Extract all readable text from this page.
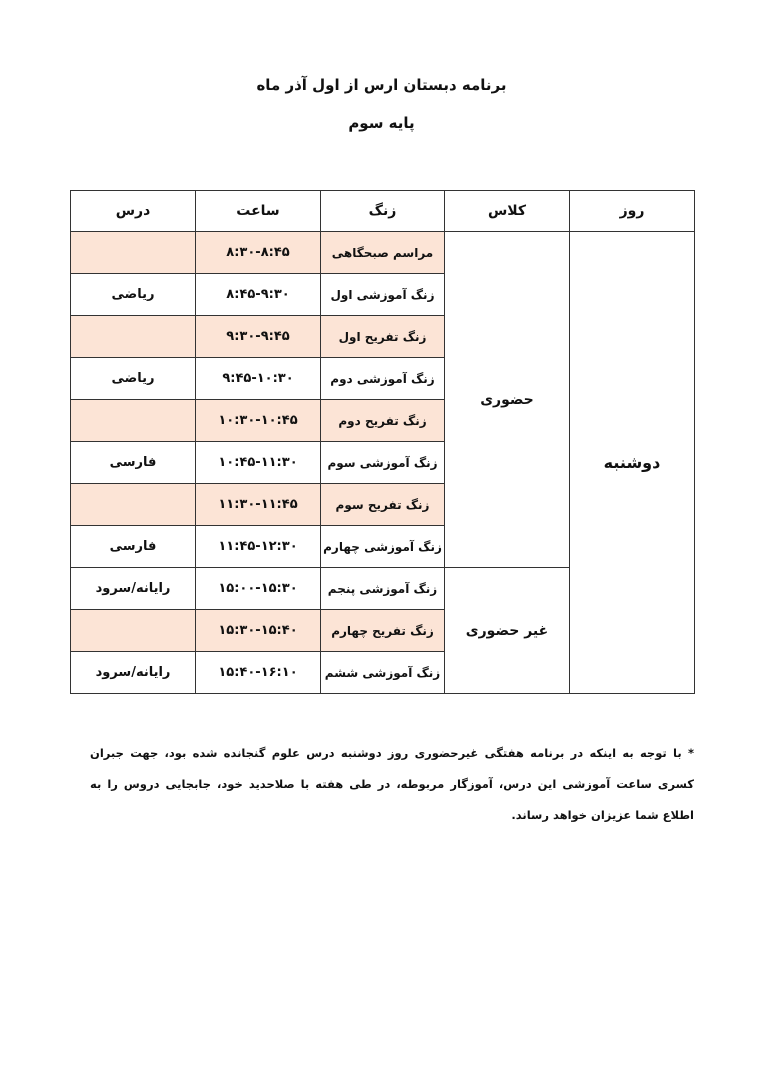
برنامه دبستان ارس از اول آذر ماه
پایه سوم
روز	کلاس	زنگ	ساعت	درس
دوشنبه	حضوری	مراسم صبحگاهی	۸:۳۰-۸:۴۵	
		زنگ آموزشی اول	۸:۴۵-۹:۳۰	ریاضی
		زنگ تفریح اول	۹:۳۰-۹:۴۵	
		زنگ آموزشی دوم	۹:۴۵-۱۰:۳۰	ریاضی
		زنگ تفریح دوم	۱۰:۳۰-۱۰:۴۵	
		زنگ آموزشی سوم	۱۰:۴۵-۱۱:۳۰	فارسی
		زنگ تفریح سوم	۱۱:۳۰-۱۱:۴۵	
		زنگ آموزشی چهارم	۱۱:۴۵-۱۲:۳۰	فارسی
	غیر حضوری	زنگ آموزشی پنجم	۱۵:۰۰-۱۵:۳۰	رایانه/سرود
		زنگ تفریح چهارم	۱۵:۳۰-۱۵:۴۰	
		زنگ آموزشی ششم	۱۵:۴۰-۱۶:۱۰	رایانه/سرود
* با توجه به اینکه در برنامه هفتگی غیرحضوری روز دوشنبه درس علوم گنجانده شده بود، جهت جبران کسری ساعت آموزشی این درس، آموزگار مربوطه، در طی هفته با صلاحدید خود، جابجایی دروس را به اطلاع شما عزیزان خواهد رساند.
